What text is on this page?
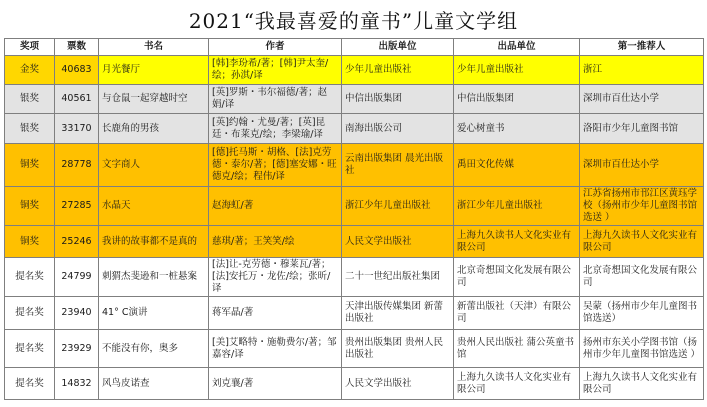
2021“我最喜爱的童书”儿童文学组
奖项	票数	书名	作者	出版单位	出品单位	第一推荐人
金奖	40683	月光餐厅	[韩]李玢希/著；[韩]尹太奎/绘；孙淇/译	少年儿童出版社	少年儿童出版社	浙江
银奖	40561	与仓鼠一起穿越时空	[英]罗斯・韦尔福德/著；赵娟/译	中信出版集团	中信出版集团	深圳市百仕达小学
银奖	33170	长鹿角的男孩	[英]约翰・尤曼/著；[英]昆廷・布莱克/绘；李梁瑜/译	南海出版公司	爱心树童书	洛阳市少年儿童图书馆
铜奖	28778	文字商人	[德]托马斯・胡格、[法]克劳德・泰尔/著；[德]塞安娜・旺德克/绘；程伟/译	云南出版集团 晨光出版社	禹田文化传媒	深圳市百仕达小学
铜奖	27285	水晶天	赵海虹/著	浙江少年儿童出版社	浙江少年儿童出版社	江苏省扬州市邗江区黄珏学校（扬州市少年儿童图书馆选送 ）
铜奖	25246	我讲的故事都不是真的	慈琪/著；王笑笑/绘	人民文学出版社	上海九久读书人文化实业有限公司	上海九久读书人文化实业有限公司
提名奖	24799	刺猬杰斐逊和一桩悬案	[法]让-克劳德・穆莱瓦/著；[法]安托万・龙佐/绘；张昕/译	二十一世纪出版社集团	北京奇想国文化发展有限公司	北京奇想国文化发展有限公司
提名奖	23940	41° C演讲	蒋军晶/著	天津出版传媒集团 新蕾出版社	新蕾出版社（天津）有限公司	吴蒙（扬州市少年儿童图书馆选送）
提名奖	23929	不能没有你，奥多	[美]艾略特・施勒费尔/著；邹嘉容/译	贵州出版集团 贵州人民出版社	贵州人民出版社 蒲公英童书馆	扬州市东关小学图书馆（扬州市少年儿童图书馆选送 ）
提名奖	14832	风鸟皮诺查	刘克襄/著	人民文学出版社	上海九久读书人文化实业有限公司	上海九久读书人文化实业有限公司
